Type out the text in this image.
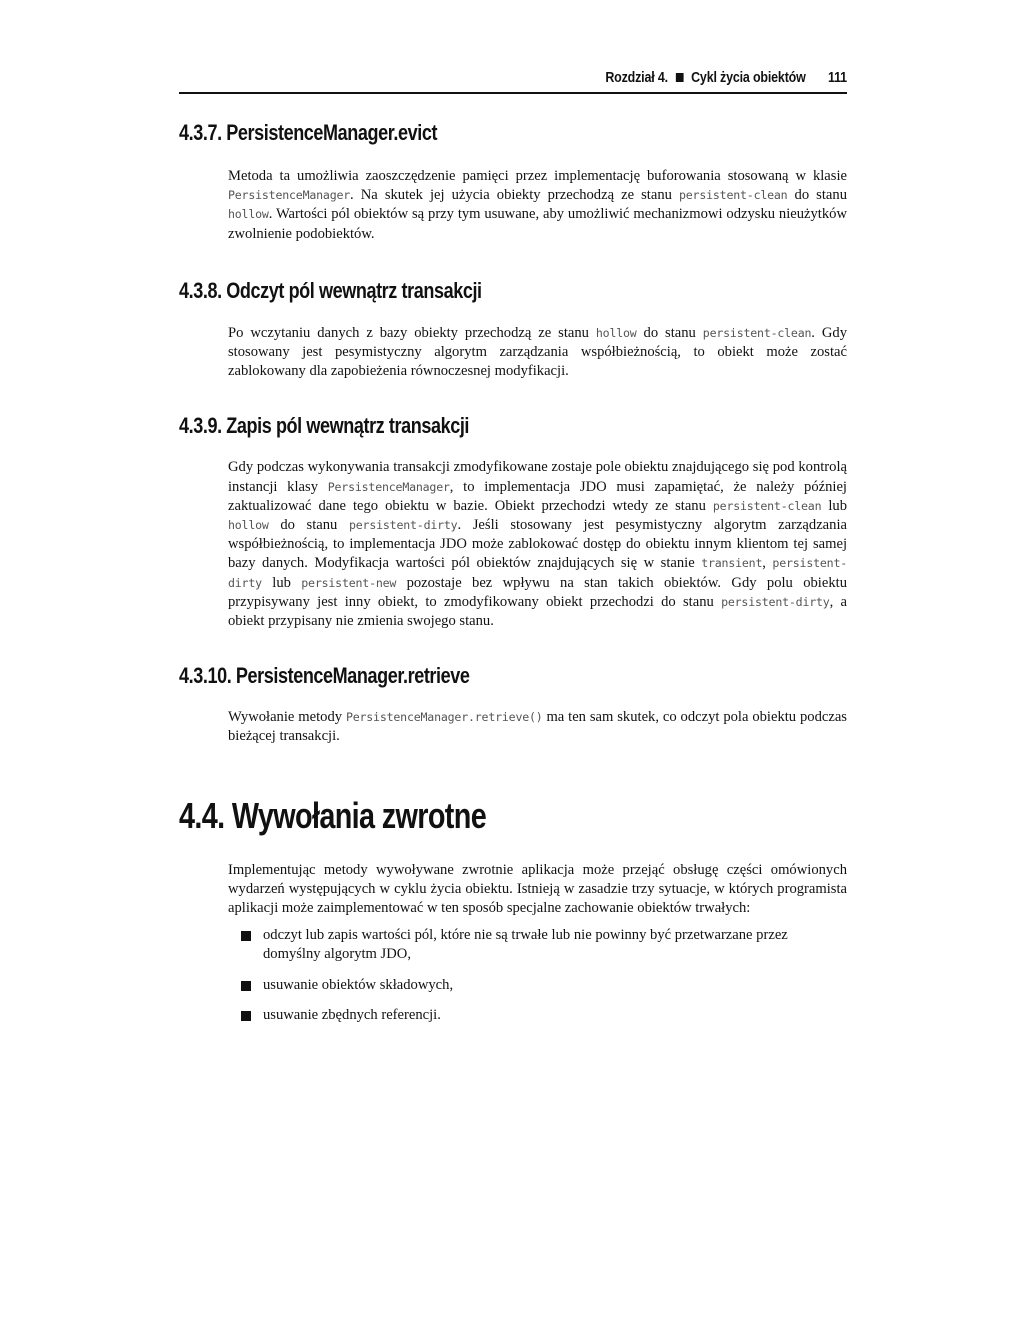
Rozdział 4. Cykl życia obiektów 111
4.3.7. PersistenceManager.evict

Metoda ta umożliwia zaoszczędzenie pamięci przez implementację buforowania stosowaną w klasie PersistenceManager. Na skutek jej użycia obiekty przechodzą ze stanu persistent-clean do stanu hollow. Wartości pól obiektów są przy tym usuwane, aby umożliwić mechanizmowi odzysku nieużytków zwolnienie podobiektów.

4.3.8. Odczyt pól wewnątrz transakcji

Po wczytaniu danych z bazy obiekty przechodzą ze stanu hollow do stanu persistent-clean. Gdy stosowany jest pesymistyczny algorytm zarządzania współbieżnością, to obiekt może zostać zablokowany dla zapobieżenia równoczesnej modyfikacji.

4.3.9. Zapis pól wewnątrz transakcji

Gdy podczas wykonywania transakcji zmodyfikowane zostaje pole obiektu znajdującego się pod kontrolą instancji klasy PersistenceManager, to implementacja JDO musi zapamiętać, że należy później zaktualizować dane tego obiektu w bazie. Obiekt przechodzi wtedy ze stanu persistent-clean lub hollow do stanu persistent-dirty. Jeśli stosowany jest pesymistyczny algorytm zarządzania współbieżnością, to implementacja JDO może zablokować dostęp do obiektu innym klientom tej samej bazy danych. Modyfikacja wartości pól obiektów znajdujących się w stanie transient, persistent-dirty lub persistent-new pozostaje bez wpływu na stan takich obiektów. Gdy polu obiektu przypisywany jest inny obiekt, to zmodyfikowany obiekt przechodzi do stanu persistent-dirty, a obiekt przypisany nie zmienia swojego stanu.

4.3.10. PersistenceManager.retrieve

Wywołanie metody PersistenceManager.retrieve() ma ten sam skutek, co odczyt pola obiektu podczas bieżącej transakcji.

4.4. Wywołania zwrotne

Implementując metody wywoływane zwrotnie aplikacja może przejąć obsługę części omówionych wydarzeń występujących w cyklu życia obiektu. Istnieją w zasadzie trzy sytuacje, w których programista aplikacji może zaimplementować w ten sposób specjalne zachowanie obiektów trwałych:

odczyt lub zapis wartości pól, które nie są trwałe lub nie powinny być przetwarzane przez domyślny algorytm JDO,
usuwanie obiektów składowych,
usuwanie zbędnych referencji.
